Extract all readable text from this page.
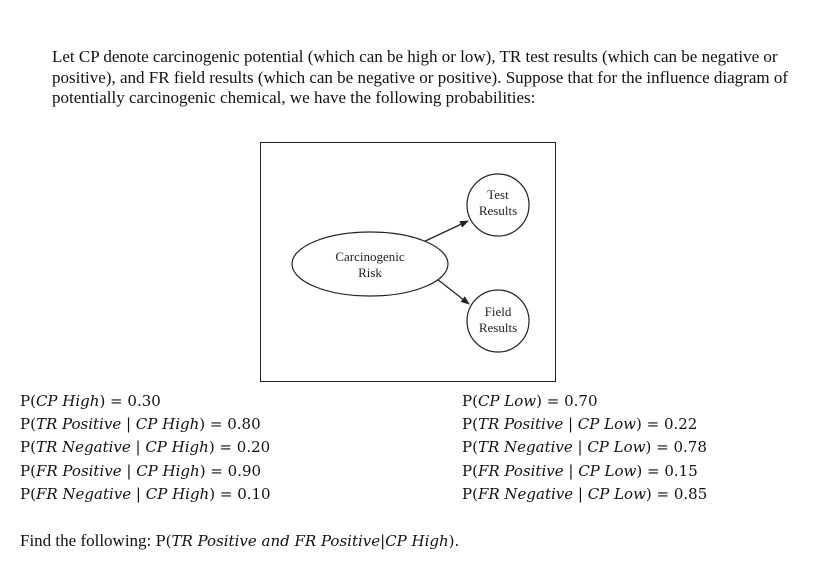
Let CP denote carcinogenic potential (which can be high or low), TR test results (which can be negative or positive), and FR field results (which can be negative or positive). Suppose that for the influence diagram of potentially carcinogenic chemical, we have the following probabilities:

Carcinogenic
Risk
Test
Results
Field
Results
P(CP High) = 0.30
P(TR Positive | CP High) = 0.80
P(TR Negative | CP High) = 0.20
P(FR Positive | CP High) = 0.90
P(FR Negative | CP High) = 0.10
P(CP Low) = 0.70
P(TR Positive | CP Low) = 0.22
P(TR Negative | CP Low) = 0.78
P(FR Positive | CP Low) = 0.15
P(FR Negative | CP Low) = 0.85
Find the following: P(TR Positive and FR Positive|CP High).
